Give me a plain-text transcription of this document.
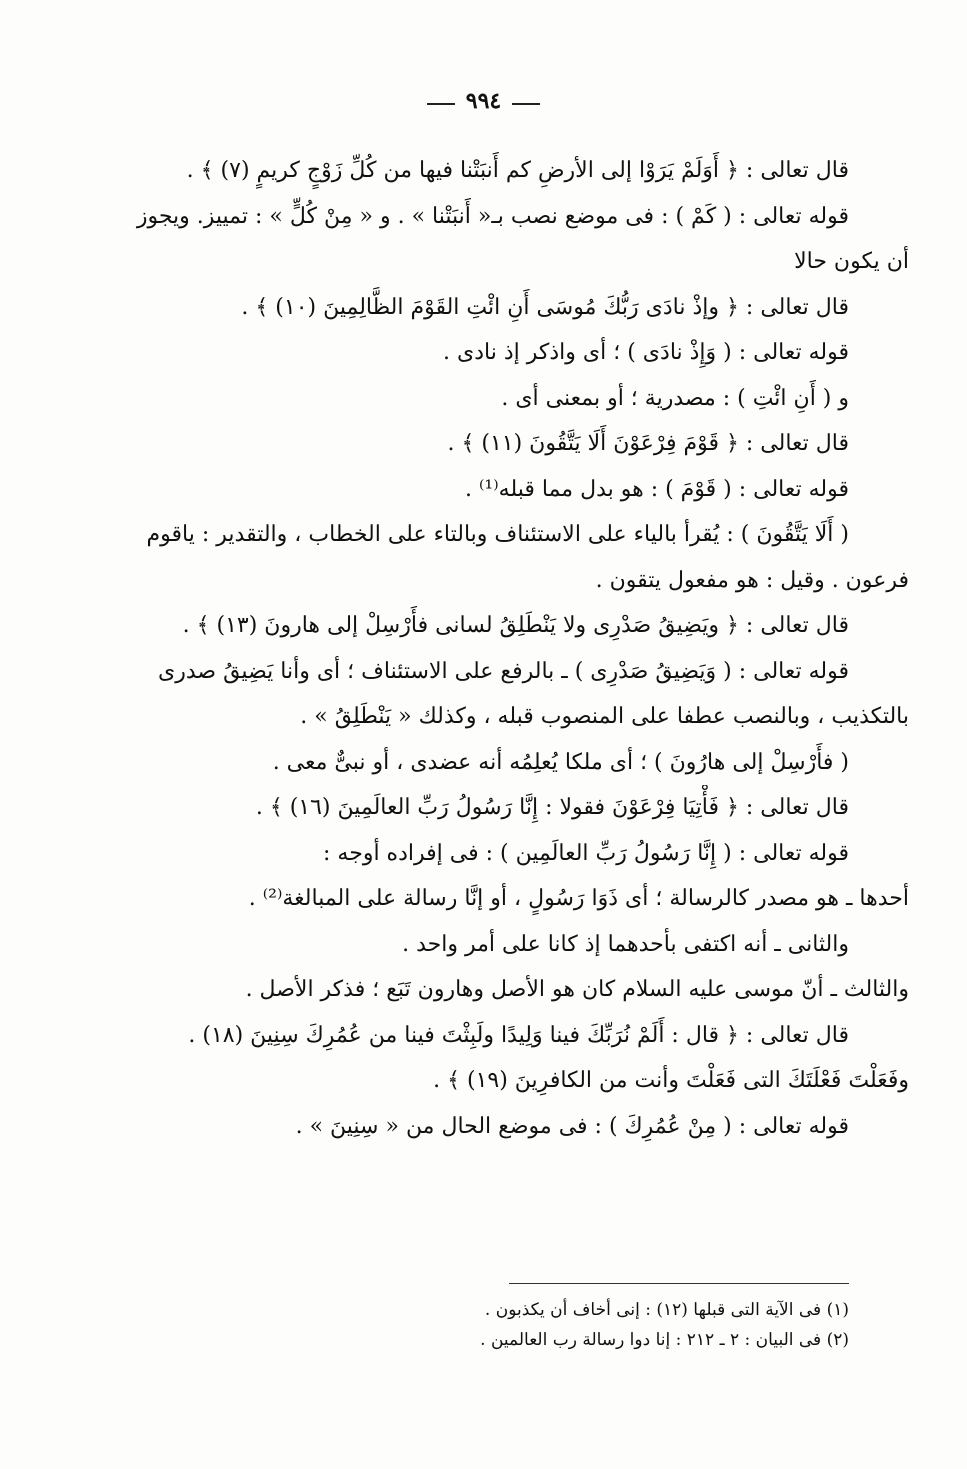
٩٩٤
قال تعالى : ﴿ أَوَلَمْ يَرَوْا إلى الأرضِ كم أَنبَتْنا فيها من كُلِّ زَوْجٍ كريمٍ (٧) ﴾ .
قوله تعالى : ( كَمْ ) : فى موضع نصب بـ« أَنبَتْنا » . و « مِنْ كُلٍّ » : تمييز. ويجوز
أن يكون حالا
قال تعالى : ﴿ وإذْ نادَى رَبُّكَ مُوسَى أَنِ ائْتِ القَوْمَ الظَّالِمِينَ (١٠) ﴾ .
قوله تعالى : ( وَإِذْ نادَى ) ؛ أى واذكر إذ نادى .
و ( أَنِ ائْتِ ) : مصدرية ؛ أو بمعنى أى .
قال تعالى : ﴿ قَوْمَ فِرْعَوْنَ أَلَا يَتَّقُونَ (١١) ﴾ .
قوله تعالى : ( قَوْمَ ) : هو بدل مما قبله⁽¹⁾ .
( أَلَا يَتَّقُونَ ) : يُقرأ بالياء على الاستئناف وبالتاء على الخطاب ، والتقدير : ياقوم
فرعون . وقيل : هو مفعول يتقون .
قال تعالى : ﴿ ويَضِيقُ صَدْرِى ولا يَنْطَلِقُ لسانى فأَرْسِلْ إلى هارونَ (١٣) ﴾ .
قوله تعالى : ( وَيَضِيقُ صَدْرِى ) ـ بالرفع على الاستئناف ؛ أى وأنا يَضِيقُ صدرى
بالتكذيب ، وبالنصب عطفا على المنصوب قبله ، وكذلك « يَنْطَلِقُ » .
( فأَرْسِلْ إلى هارُونَ ) ؛ أى ملكا يُعلِمُه أنه عضدى ، أو نبىٌّ معى .
قال تعالى : ﴿ فَأْتِيَا فِرْعَوْنَ فقولا : إِنَّا رَسُولُ رَبِّ العالَمِينَ (١٦) ﴾ .
قوله تعالى : ( إِنَّا رَسُولُ رَبِّ العالَمِين ) : فى إفراده أوجه :
أحدها ـ هو مصدر كالرسالة ؛ أى ذَوَا رَسُولٍ ، أو إنَّا رسالة على المبالغة⁽²⁾ .
والثانى ـ أنه اكتفى بأحدهما إذ كانا على أمر واحد .
والثالث ـ أنّ موسى عليه السلام كان هو الأصل وهارون تَبَع ؛ فذكر الأصل .
قال تعالى : ﴿ قال : أَلَمْ نُرَبِّكَ فينا وَلِيدًا ولَبِثْتَ فينا من عُمُرِكَ سِنِينَ (١٨) .
وفَعَلْتَ فَعْلَتَكَ التى فَعَلْتَ وأنت من الكافرِينَ (١٩) ﴾ .
قوله تعالى : ( مِنْ عُمُرِكَ ) : فى موضع الحال من « سِنِينَ » .
(١) فى الآية التى قبلها (١٢) : إنى أخاف أن يكذبون .
(٢) فى البيان : ٢ ـ ٢١٢ : إنا دوا رسالة رب العالمين .
